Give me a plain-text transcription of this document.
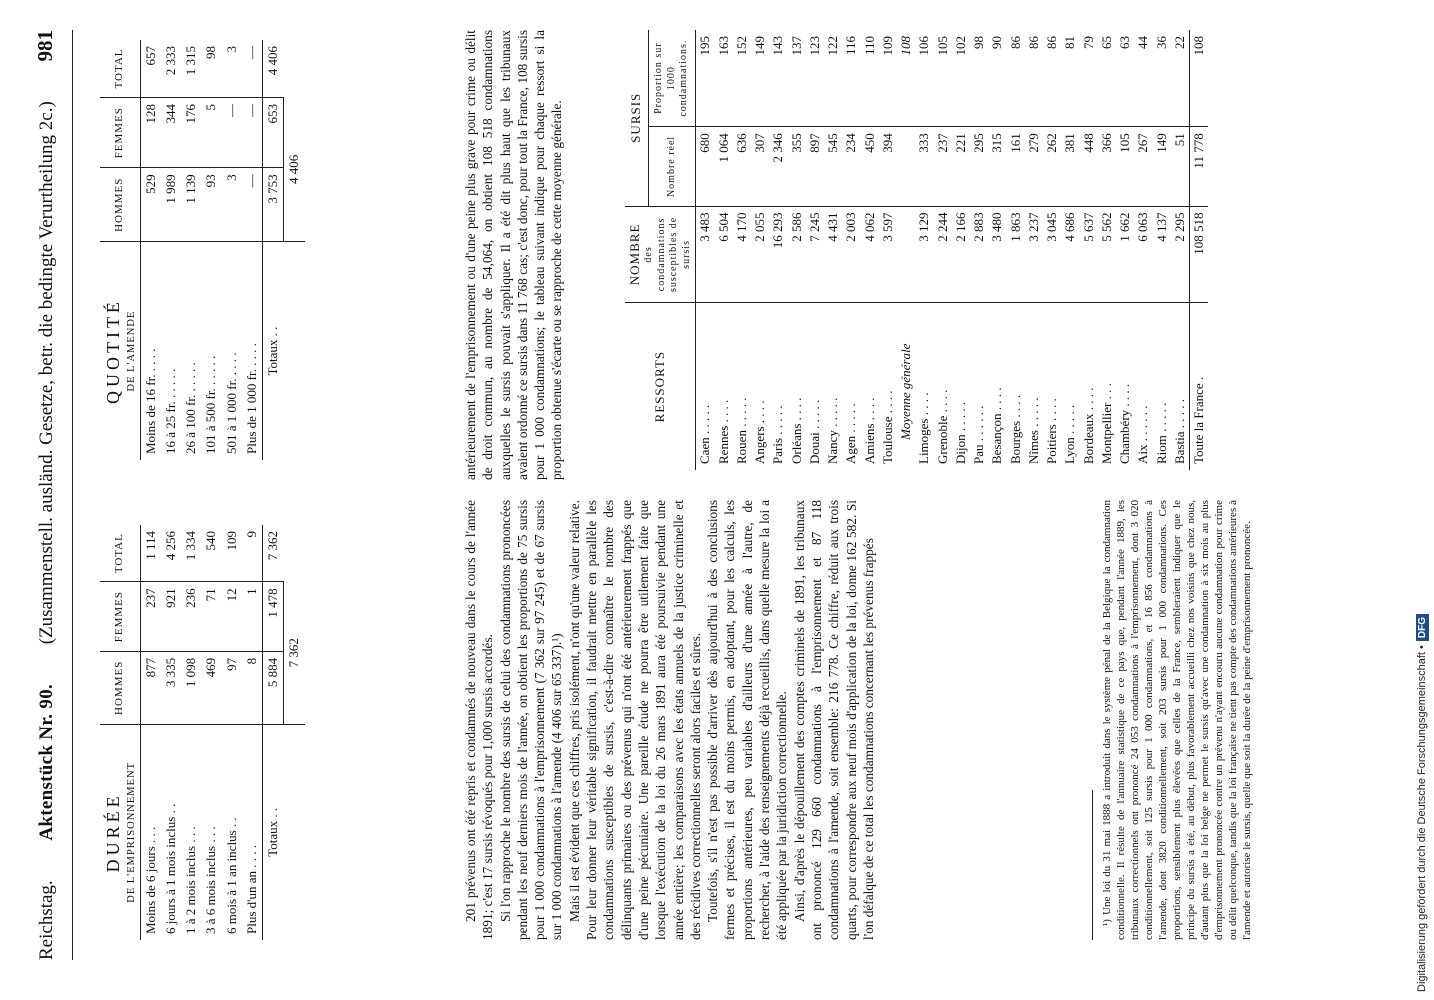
Reichstag.
Aktenstück Nr. 90.
(Zusammenstell. ausländ. Gesetze, betr. die bedingte Verurtheilung 2c.)
981
DURÉE DE L'EMPRISONNEMENT	HOMMES	FEMMES	TOTAL
Moins de 6 jours . . .	877	237	1 114
6 jours à 1 mois inclus . .	3 335	921	4 256
1 à 2 mois inclus . . .	1 098	236	1 334
3 à 6 mois inclus . . .	469	71	540
6 mois à 1 an inclus . .	97	12	109
Plus d'un an . . . .	8	1	9
Totaux . .	5 884	1 478	7 362
	7 362		
QUOTITÉ DE L'AMENDE	HOMMES	FEMMES	TOTAL
Moins de 16 fr. . . . .	529	128	657
16 à 25 fr. . . . . .	1 989	344	2 333
26 à 100 fr. . . . . .	1 139	176	1 315
101 à 500 fr. . . . . .	93	5	98
501 à 1 000 fr. . . . .	3	—	3
Plus de 1 000 fr. . . . .	—	—	—
Totaux . .	3 753	653	4 406
	4 406		

201 prévenus ont été repris et condamnés de nouveau dans le cours de l'année 1891; c'est 17 sursis révoqués pour 1,000 sursis accordés. Si l'on rapproche le nombre des sursis de celui des condamnations prononcées pendant les neuf derniers mois de l'année, on obtient les proportions de 75 sursis pour 1 000 condamnations à l'emprisonnement (7 362 sur 97 245) et de 67 sursis sur 1 000 condamnations à l'amende (4 406 sur 65 337).¹) Mais il est évident que ces chiffres, pris isolément, n'ont qu'une valeur relative. Pour leur donner leur véritable signification, il faudrait mettre en parallèle les condamnations susceptibles de sursis, c'est-à-dire connaître le nombre des délinquants primaires ou des prévenus qui n'ont été antérieurement frappés que d'une peine pécuniaire. Une pareille étude ne pourra être utilement faite que lorsque l'exécution de la loi du 26 mars 1891 aura été poursuivie pendant une année entière; les comparaisons avec les états annuels de la justice criminelle et des récidives correctionnelles seront alors faciles et sûres. Toutefois, s'il n'est pas possible d'arriver dès aujourd'hui à des conclusions fermes et précises, il est du moins permis, en adoptant, pour les calculs, les proportions antérieures, peu variables d'ailleurs d'une année à l'autre, de rechercher, à l'aide des renseignements déjà recueillis, dans quelle mesure la loi a été appliquée par la juridiction correctionnelle. Ainsi, d'après le dépouillement des comptes criminels de 1891, les tribunaux ont prononcé 129 660 condamnations à l'emprisonnement et 87 118 condamnations à l'amende, soit ensemble: 216 778. Ce chiffre, réduit aux trois quarts, pour correspondre aux neuf mois d'application de la loi, donne 162 582. Si l'on défalque de ce total les condamnations concernant les prévenus frappés	¹) Une loi du 31 mai 1888 a introduit dans le système pénal de la Belgique la condamnation conditionnelle. Il résulte de l'annuaire statistique de ce pays que, pendant l'année 1889, les tribunaux correctionnels ont prononcé 24 053 condamnations à l'emprisonnement, dont 3 020 conditionnellement, soit 125 sursis pour 1 000 condamnations, et 16 856 condamnations à l'amende, dont 3820 conditionnellement, soit 203 sursis pour 1 000 condamnations. Ces proportions, sensiblement plus élevées que celles de la France, sembleraient indiquer que le principe du sursis a été, au début, plus favorablement accueilli chez nos voisins que chez nous, d'autant plus que la loi belge ne permet le sursis qu'avec une condamnation à six mois au plus d'emprisonnement prononcée contre un prévenu n'ayant encouru aucune condamnation pour crime ou délit quelconque, tandis que la loi française ne tient pas compte des condamnations antérieures à l'amende et autorise le sursis, quelle que soit la durée de la peine d'emprisonnement prononcée.

antérieurement de l'emprisonnement ou d'une peine plus grave pour crime ou délit de droit commun, au nombre de 54,064, on obtient 108 518 condamnations auxquelles le sursis pouvait s'appliquer. Il a été dit plus haut que les tribunaux avaient ordonné ce sursis dans 11 768 cas; c'est donc, pour tout la France, 108 sursis pour 1 000 condamnations; le tableau suivant indique pour chaque ressort si la proportion obtenue s'écarte ou se rapproche de cette moyenne générale.	RESSORTS	NOMBRE des condamnations susceptibles de sursis	SURSIS	
		Nombre réel	Proportion sur 1000 condamnations.
Caen . . . . .	3 483	680	195
Rennes . . . .	6 504	1 064	163
Rouen . . . . .	4 170	636	152
Angers . . . .	2 055	307	149
Paris . . . . .	16 293	2 346	143
Orléans . . . .	2 586	355	137
Douai . . . . .	7 245	897	123
Nancy . . . . .	4 431	545	122
Agen . . . . .	2 003	234	116
Amiens . . . .	4 062	450	110
Toulouse . . . .	3 597	394	109
Moyenne générale			108
Limoges . . . .	3 129	333	106
Grenoble . . . .	2 244	237	105
Dijon . . . . .	2 166	221	102
Pau . . . . . .	2 883	295	98
Besançon . . . .	3 480	315	90
Bourges . . . .	1 863	161	86
Nîmes . . . . .	3 237	279	86
Poitiers . . . .	3 045	262	86
Lyon . . . . .	4 686	381	81
Bordeaux . . . .	5 637	448	79
Montpellier . . .	5 562	366	65
Chambéry . . . .	1 662	105	63
Aix . . . . . .	6 063	267	44
Riom . . . . .	4 137	149	36
Bastia . . . . .	2 295	51	22
Toute la France .	108 518	11 778	108
Digitalisierung gefördert durch die Deutsche Forschungsgemeinschaft •DFG
